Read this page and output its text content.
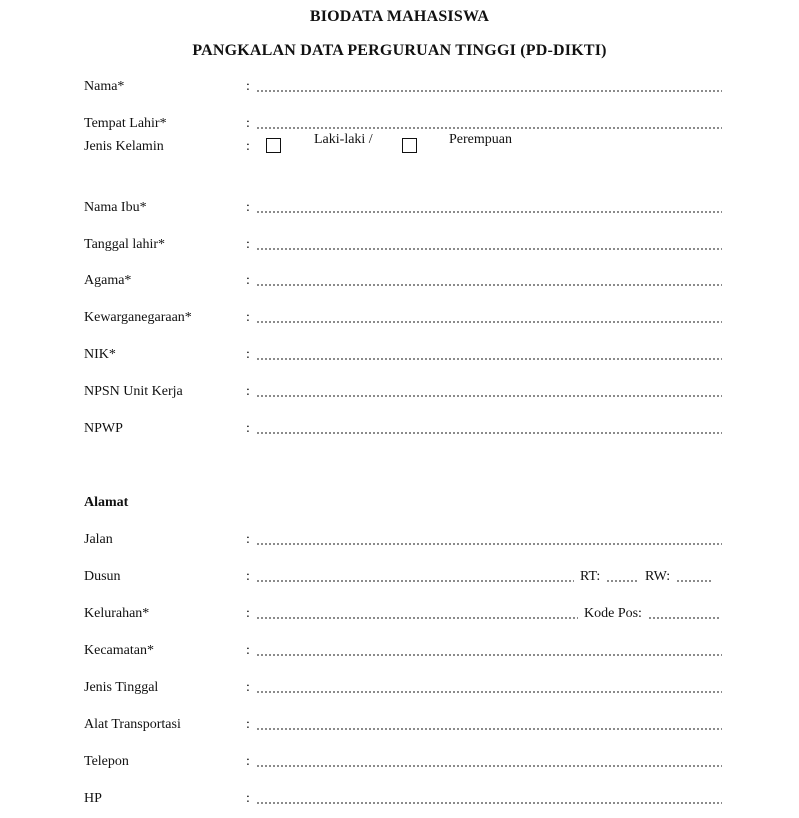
BIODATA MAHASISWA
PANGKALAN DATA PERGURUAN TINGGI (PD-DIKTI)
Nama*	:
Tempat Lahir*	:
Jenis Kelamin	:	Laki-laki /	Perempuan
Nama Ibu*	:
Tanggal lahir*	:
Agama*	:
Kewarganegaraan*	:
NIK*	:
NPSN Unit Kerja	:
NPWP	:
Alamat
Jalan	:
Dusun	:	RT:	RW:
Kelurahan*	:	Kode Pos:
Kecamatan*	:
Jenis Tinggal	:
Alat Transportasi	:
Telepon	:
HP	:
